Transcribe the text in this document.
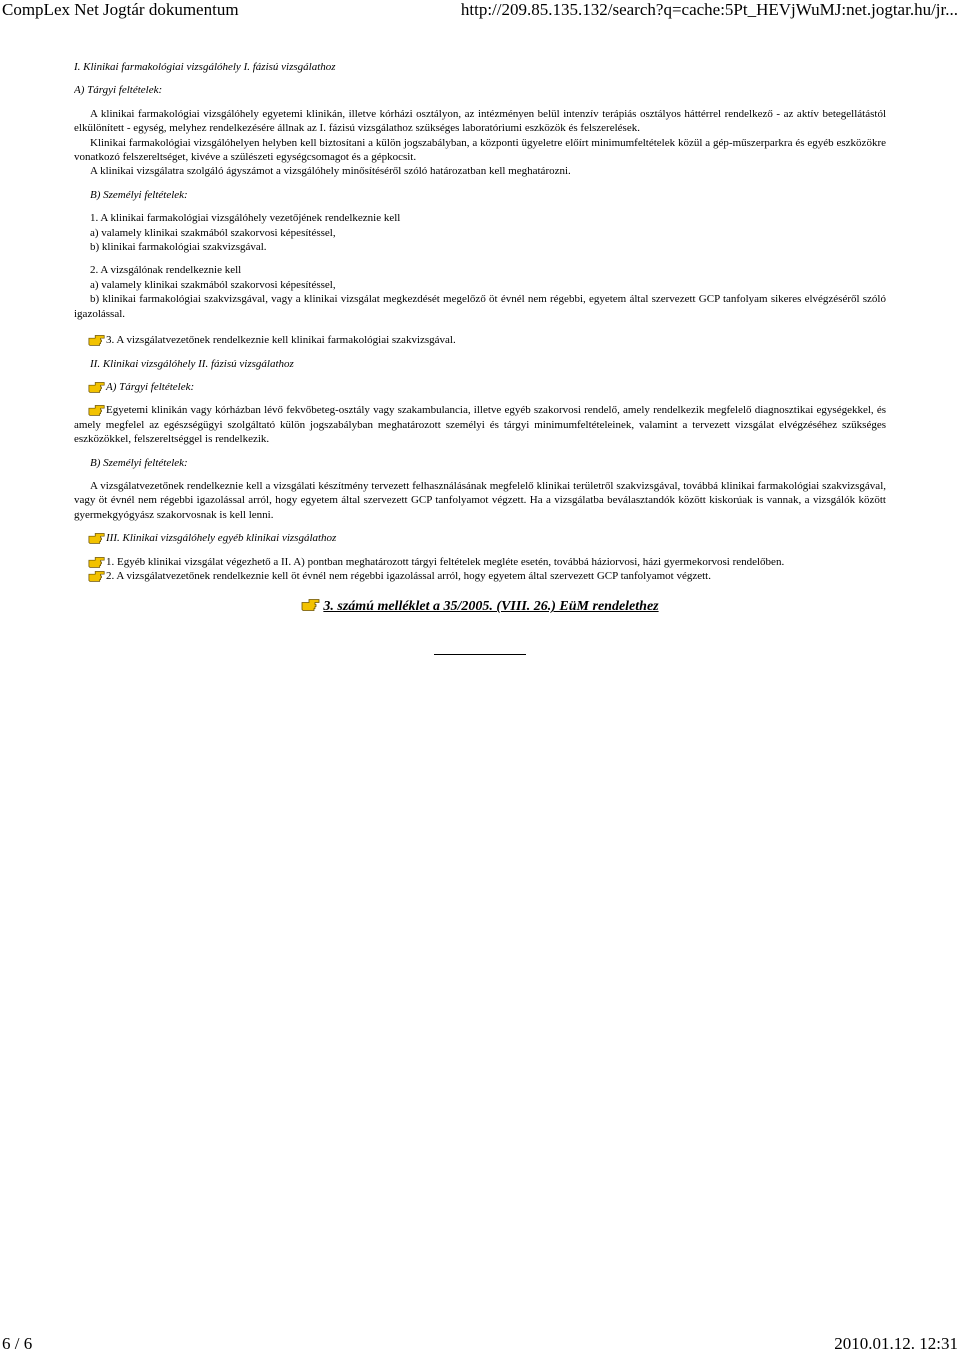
CompLex Net Jogtár dokumentum	http://209.85.135.132/search?q=cache:5Pt_HEVjWuMJ:net.jogtar.hu/jr...
I. Klinikai farmakológiai vizsgálóhely I. fázisú vizsgálathoz
A) Tárgyi feltételek:
A klinikai farmakológiai vizsgálóhely egyetemi klinikán, illetve kórházi osztályon, az intézményen belül intenzív terápiás osztályos háttérrel rendelkező - az aktív betegellátástól elkülönített - egység, melyhez rendelkezésére állnak az I. fázisú vizsgálathoz szükséges laboratóriumi eszközök és felszerelések.
Klinikai farmakológiai vizsgálóhelyen helyben kell biztosítani a külön jogszabályban, a központi ügyeletre előírt minimumfeltételek közül a gép-műszerparkra és egyéb eszközökre vonatkozó felszereltséget, kivéve a szülészeti egységcsomagot és a gépkocsit.
A klinikai vizsgálatra szolgáló ágyszámot a vizsgálóhely minősítéséről szóló határozatban kell meghatározni.
B) Személyi feltételek:
1. A klinikai farmakológiai vizsgálóhely vezetőjének rendelkeznie kell
a) valamely klinikai szakmából szakorvosi képesítéssel,
b) klinikai farmakológiai szakvizsgával.
2. A vizsgálónak rendelkeznie kell
a) valamely klinikai szakmából szakorvosi képesítéssel,
b) klinikai farmakológiai szakvizsgával, vagy a klinikai vizsgálat megkezdését megelőző öt évnél nem régebbi, egyetem által szervezett GCP tanfolyam sikeres elvégzéséről szóló igazolással.
3. A vizsgálatvezetőnek rendelkeznie kell klinikai farmakológiai szakvizsgával.
II. Klinikai vizsgálóhely II. fázisú vizsgálathoz
A) Tárgyi feltételek:
Egyetemi klinikán vagy kórházban lévő fekvőbeteg-osztály vagy szakambulancia, illetve egyéb szakorvosi rendelő, amely rendelkezik megfelelő diagnosztikai egységekkel, és amely megfelel az egészségügyi szolgáltató külön jogszabályban meghatározott személyi és tárgyi minimumfeltételeinek, valamint a tervezett vizsgálat elvégzéséhez szükséges eszközökkel, felszereltséggel is rendelkezik.
B) Személyi feltételek:
A vizsgálatvezetőnek rendelkeznie kell a vizsgálati készítmény tervezett felhasználásának megfelelő klinikai területről szakvizsgával, továbbá klinikai farmakológiai szakvizsgával, vagy öt évnél nem régebbi igazolással arról, hogy egyetem által szervezett GCP tanfolyamot végzett. Ha a vizsgálatba beválasztandók között kiskorúak is vannak, a vizsgálók között gyermekgyógyász szakorvosnak is kell lenni.
III. Klinikai vizsgálóhely egyéb klinikai vizsgálathoz
1. Egyéb klinikai vizsgálat végezhető a II. A) pontban meghatározott tárgyi feltételek megléte esetén, továbbá háziorvosi, házi gyermekorvosi rendelőben.
2. A vizsgálatvezetőnek rendelkeznie kell öt évnél nem régebbi igazolással arról, hogy egyetem által szervezett GCP tanfolyamot végzett.
3. számú melléklet a 35/2005. (VIII. 26.) EüM rendelethez
6 / 6	2010.01.12. 12:31
